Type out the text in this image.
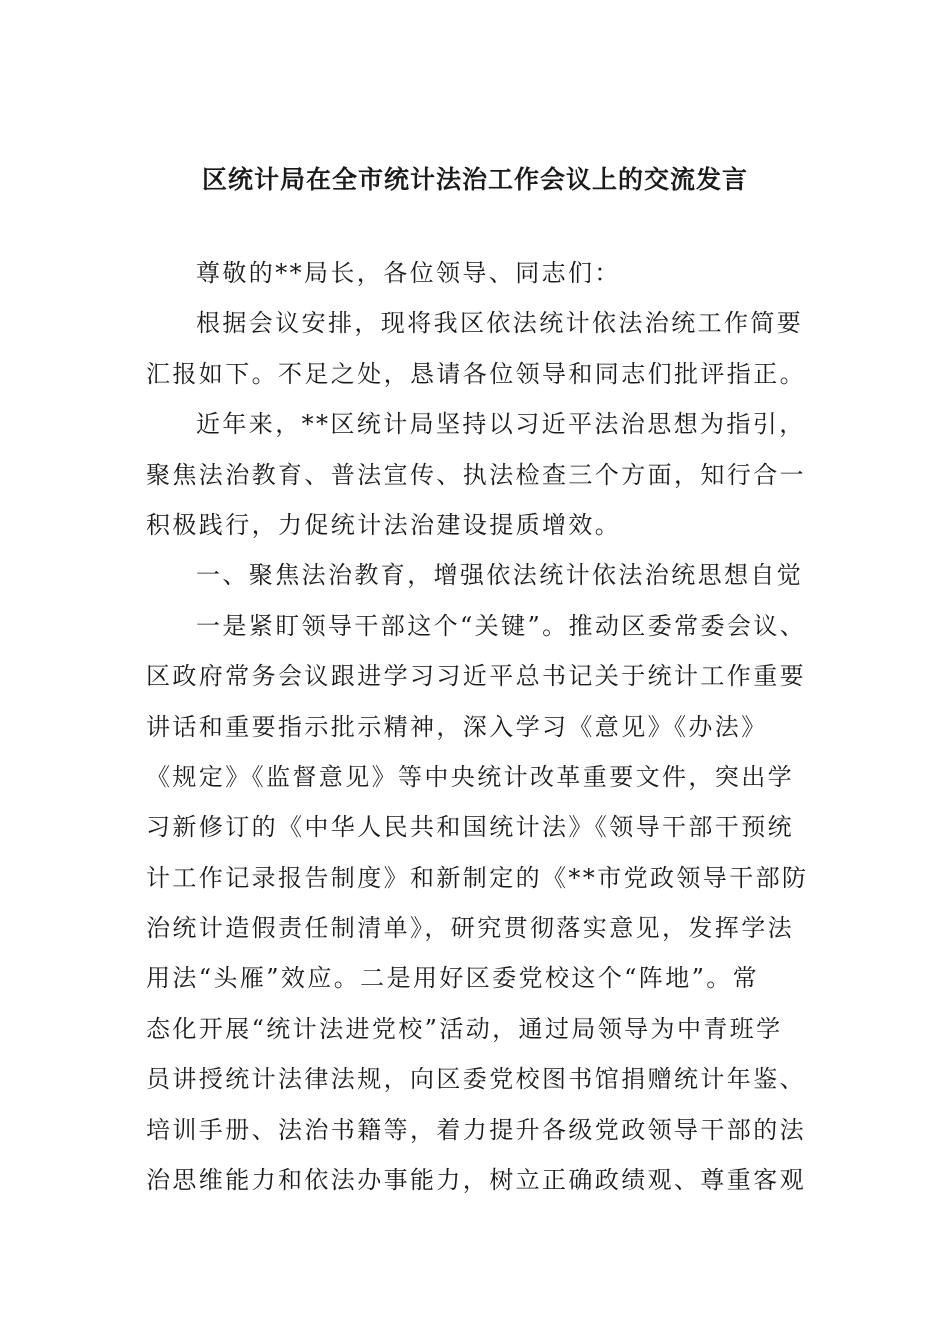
区统计局在全市统计法治工作会议上的交流发言
尊敬的**局长，各位领导、同志们：
根据会议安排，现将我区依法统计依法治统工作简要
汇报如下。不足之处，恳请各位领导和同志们批评指正。
近年来，**区统计局坚持以习近平法治思想为指引，
聚焦法治教育、普法宣传、执法检查三个方面，知行合一
积极践行，力促统计法治建设提质增效。
一、聚焦法治教育，增强依法统计依法治统思想自觉
一是紧盯领导干部这个“关键”。推动区委常委会议、
区政府常务会议跟进学习习近平总书记关于统计工作重要
讲话和重要指示批示精神，深入学习《意见》《办法》
《规定》《监督意见》等中央统计改革重要文件，突出学
习新修订的《中华人民共和国统计法》《领导干部干预统
计工作记录报告制度》和新制定的《**市党政领导干部防
治统计造假责任制清单》，研究贯彻落实意见，发挥学法
用法“头雁”效应。二是用好区委党校这个“阵地”。常
态化开展“统计法进党校”活动，通过局领导为中青班学
员讲授统计法律法规，向区委党校图书馆捐赠统计年鉴、
培训手册、法治书籍等，着力提升各级党政领导干部的法
治思维能力和依法办事能力，树立正确政绩观、尊重客观
